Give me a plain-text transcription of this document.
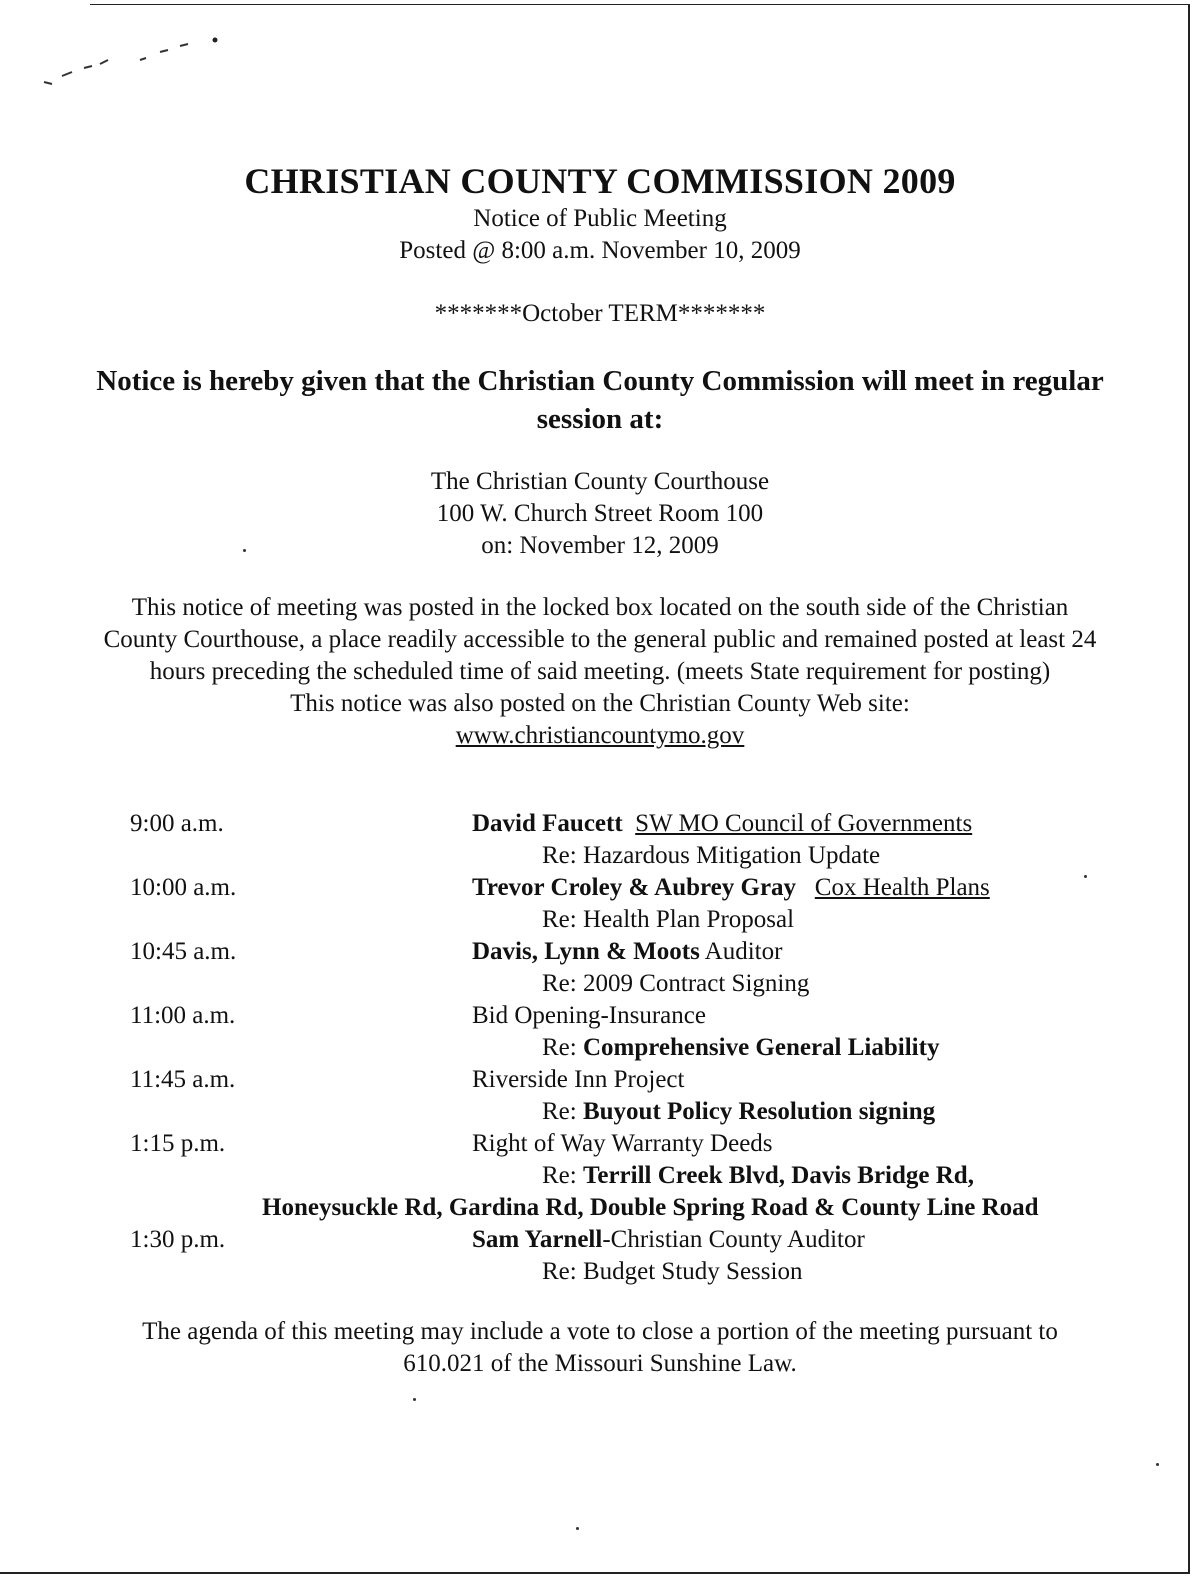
CHRISTIAN COUNTY COMMISSION 2009
Notice of Public Meeting
Posted @ 8:00 a.m. November 10, 2009
*******October TERM*******
Notice is hereby given that the Christian County Commission will meet in regular
session at:
The Christian County Courthouse
100 W. Church Street Room 100
on: November 12, 2009
This notice of meeting was posted in the locked box located on the south side of the Christian
County Courthouse, a place readily accessible to the general public and remained posted at least 24
hours preceding the scheduled time of said meeting. (meets State requirement for posting)
This notice was also posted on the Christian County Web site:
www.christiancountymo.gov
9:00 a.m.	David Faucett SW MO Council of Governments
Re: Hazardous Mitigation Update
10:00 a.m.	Trevor Croley & Aubrey Gray Cox Health Plans
Re: Health Plan Proposal
10:45 a.m.	Davis, Lynn & Moots Auditor
Re: 2009 Contract Signing
11:00 a.m.	Bid Opening-Insurance
Re: Comprehensive General Liability
11:45 a.m.	Riverside Inn Project
Re: Buyout Policy Resolution signing
1:15 p.m.	Right of Way Warranty Deeds
Re: Terrill Creek Blvd, Davis Bridge Rd,
Honeysuckle Rd, Gardina Rd, Double Spring Road & County Line Road
1:30 p.m.	Sam Yarnell-Christian County Auditor
Re: Budget Study Session
The agenda of this meeting may include a vote to close a portion of the meeting pursuant to
610.021 of the Missouri Sunshine Law.
